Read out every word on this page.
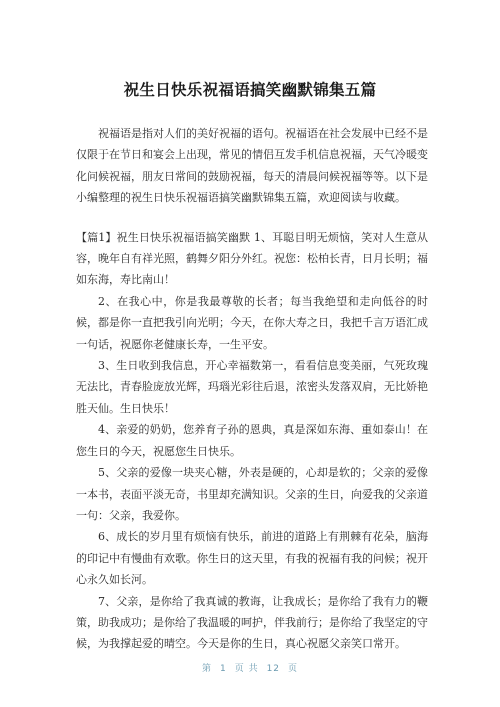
祝生日快乐祝福语搞笑幽默锦集五篇

祝福语是指对人们的美好祝福的语句。祝福语在社会发展中已经不是仅限于在节日和宴会上出现，常见的情侣互发手机信息祝福，天气冷暖变化问候祝福，朋友日常间的鼓励祝福，每天的清晨问候祝福等等。以下是小编整理的祝生日快乐祝福语搞笑幽默锦集五篇，欢迎阅读与收藏。

【篇1】祝生日快乐祝福语搞笑幽默 1、耳聪目明无烦恼，笑对人生意从容，晚年自有祥光照，鹤舞夕阳分外红。祝您：松柏长青，日月长明；福如东海，寿比南山！

2、在我心中，你是我最尊敬的长者；每当我绝望和走向低谷的时候，都是你一直把我引向光明；今天，在你大寿之日，我把千言万语汇成一句话，祝愿你老健康长寿，一生平安。

3、生日收到我信息，开心幸福数第一，看看信息变美丽，气死玫瑰无法比，青春脸庞放光辉，玛瑙光彩往后退，浓密头发落双肩，无比娇艳胜天仙。生日快乐！

4、亲爱的奶奶，您养育子孙的恩典，真是深如东海、重如泰山！在您生日的今天，祝愿您生日快乐。

5、父亲的爱像一块夹心糖，外表是硬的，心却是软的；父亲的爱像一本书，表面平淡无奇，书里却充满知识。父亲的生日，向爱我的父亲道一句：父亲，我爱你。

6、成长的岁月里有烦恼有快乐，前进的道路上有荆棘有花朵，脑海的印记中有慢曲有欢歌。你生日的这天里，有我的祝福有我的问候；祝开心永久如长河。

7、父亲，是你给了我真诚的教诲，让我成长；是你给了我有力的鞭策，助我成功；是你给了我温暖的呵护，伴我前行；是你给了我坚定的守候，为我撑起爱的晴空。今天是你的生日，真心祝愿父亲笑口常开。

第 1 页 共 12 页
